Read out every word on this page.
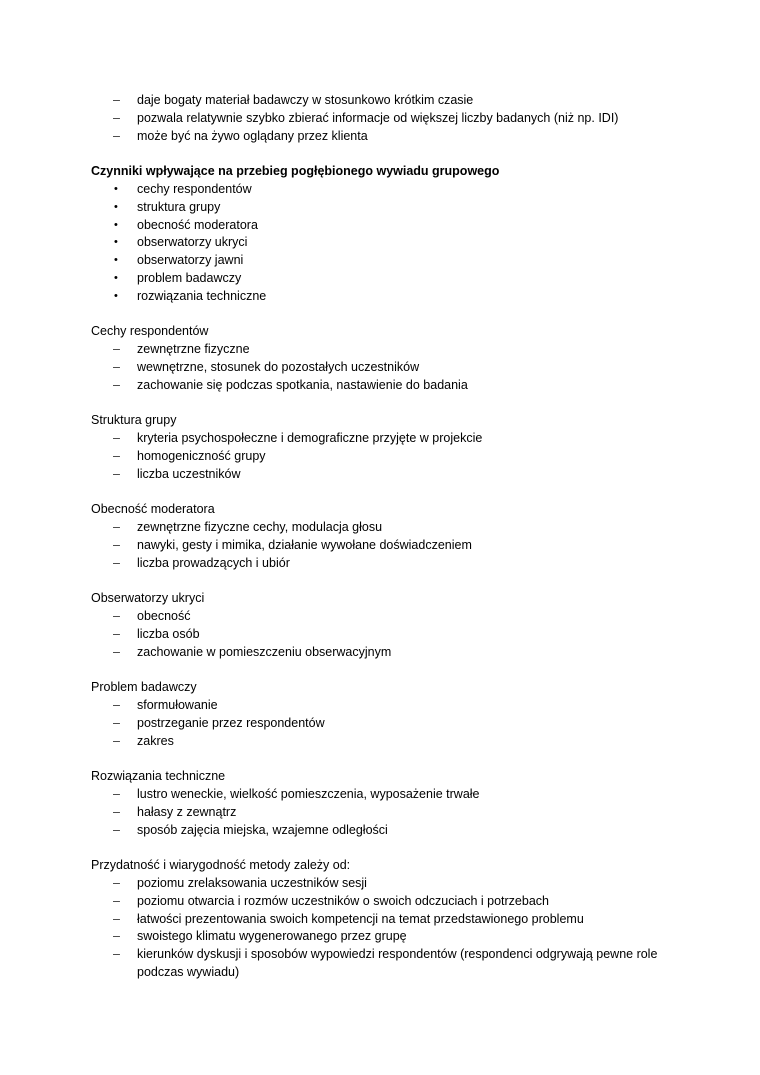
–	daje bogaty materiał badawczy w stosunkowo krótkim czasie
–	pozwala relatywnie szybko zbierać informacje od większej liczby badanych (niż np. IDI)
–	może być na żywo oglądany przez klienta

Czynniki wpływające na przebieg pogłębionego wywiadu grupowego

•	cechy respondentów
•	struktura grupy
•	obecność moderatora
•	obserwatorzy ukryci
•	obserwatorzy jawni
•	problem badawczy
•	rozwiązania techniczne

Cechy respondentów

–	zewnętrzne fizyczne
–	wewnętrzne, stosunek do pozostałych uczestników
–	zachowanie się podczas spotkania, nastawienie do badania

Struktura grupy

–	kryteria psychospołeczne i demograficzne przyjęte w projekcie
–	homogeniczność grupy
–	liczba uczestników

Obecność moderatora

–	zewnętrzne fizyczne cechy, modulacja głosu
–	nawyki, gesty i mimika, działanie wywołane doświadczeniem
–	liczba prowadzących i ubiór

Obserwatorzy ukryci

–	obecność
–	liczba osób
–	zachowanie w pomieszczeniu obserwacyjnym

Problem badawczy

–	sformułowanie
–	postrzeganie przez respondentów
–	zakres

Rozwiązania techniczne

–	lustro weneckie, wielkość pomieszczenia, wyposażenie trwałe
–	hałasy z zewnątrz
–	sposób zajęcia miejska, wzajemne odległości

Przydatność i wiarygodność metody zależy od:

–	poziomu zrelaksowania uczestników sesji
–	poziomu otwarcia i rozmów uczestników o swoich odczuciach i potrzebach
–	łatwości prezentowania swoich kompetencji na temat przedstawionego problemu
–	swoistego klimatu wygenerowanego przez grupę
–	kierunków dyskusji i sposobów wypowiedzi respondentów (respondenci odgrywają pewne role podczas wywiadu)
